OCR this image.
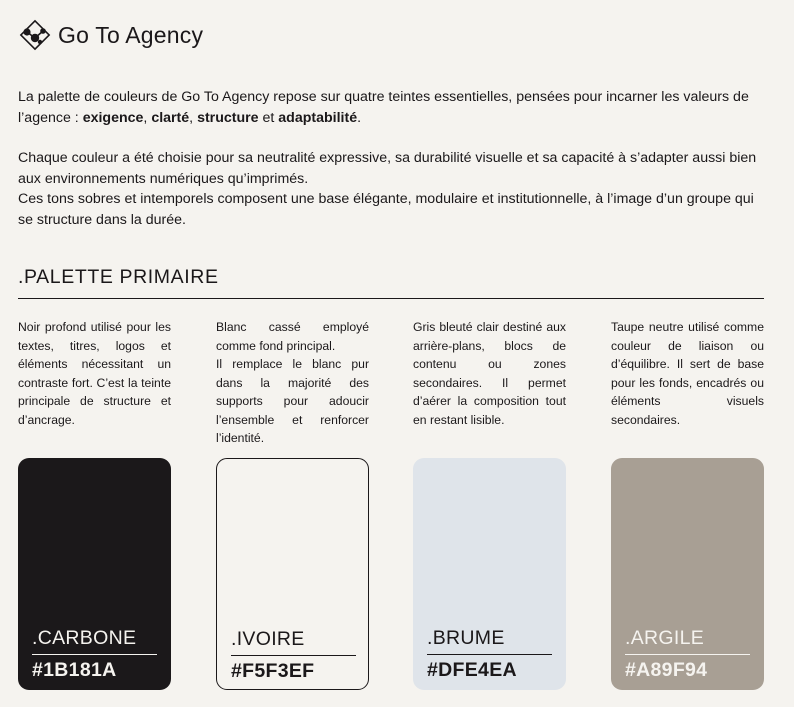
Go To Agency

La palette de couleurs de Go To Agency repose sur quatre teintes essentielles, pensées pour incarner les valeurs de l’agence : exigence, clarté, structure et adaptabilité.

Chaque couleur a été choisie pour sa neutralité expressive, sa durabilité visuelle et sa capacité à s’adapter aussi bien aux environnements numériques qu’imprimés.

Ces tons sobres et intemporels composent une base élégante, modulaire et institutionnelle, à l’image d’un groupe qui se structure dans la durée.

.PALETTE PRIMAIRE

Noir profond utilisé pour les textes, titres, logos et éléments nécessitant un contraste fort. C’est la teinte principale de structure et d’ancrage.

Blanc cassé employé comme fond principal.

Il remplace le blanc pur dans la majorité des supports pour adoucir l’ensemble et renforcer l’identité.

Gris bleuté clair destiné aux arrière-plans, blocs de contenu ou zones secondaires. Il permet d’aérer la composition tout en restant lisible.

Taupe neutre utilisé comme couleur de liaison ou d’équilibre. Il sert de base pour les fonds, encadrés ou éléments visuels secondaires.

.CARBONE
#1B181A
.IVOIRE
#F5F3EF
.BRUME
#DFE4EA
.ARGILE
#A89F94
